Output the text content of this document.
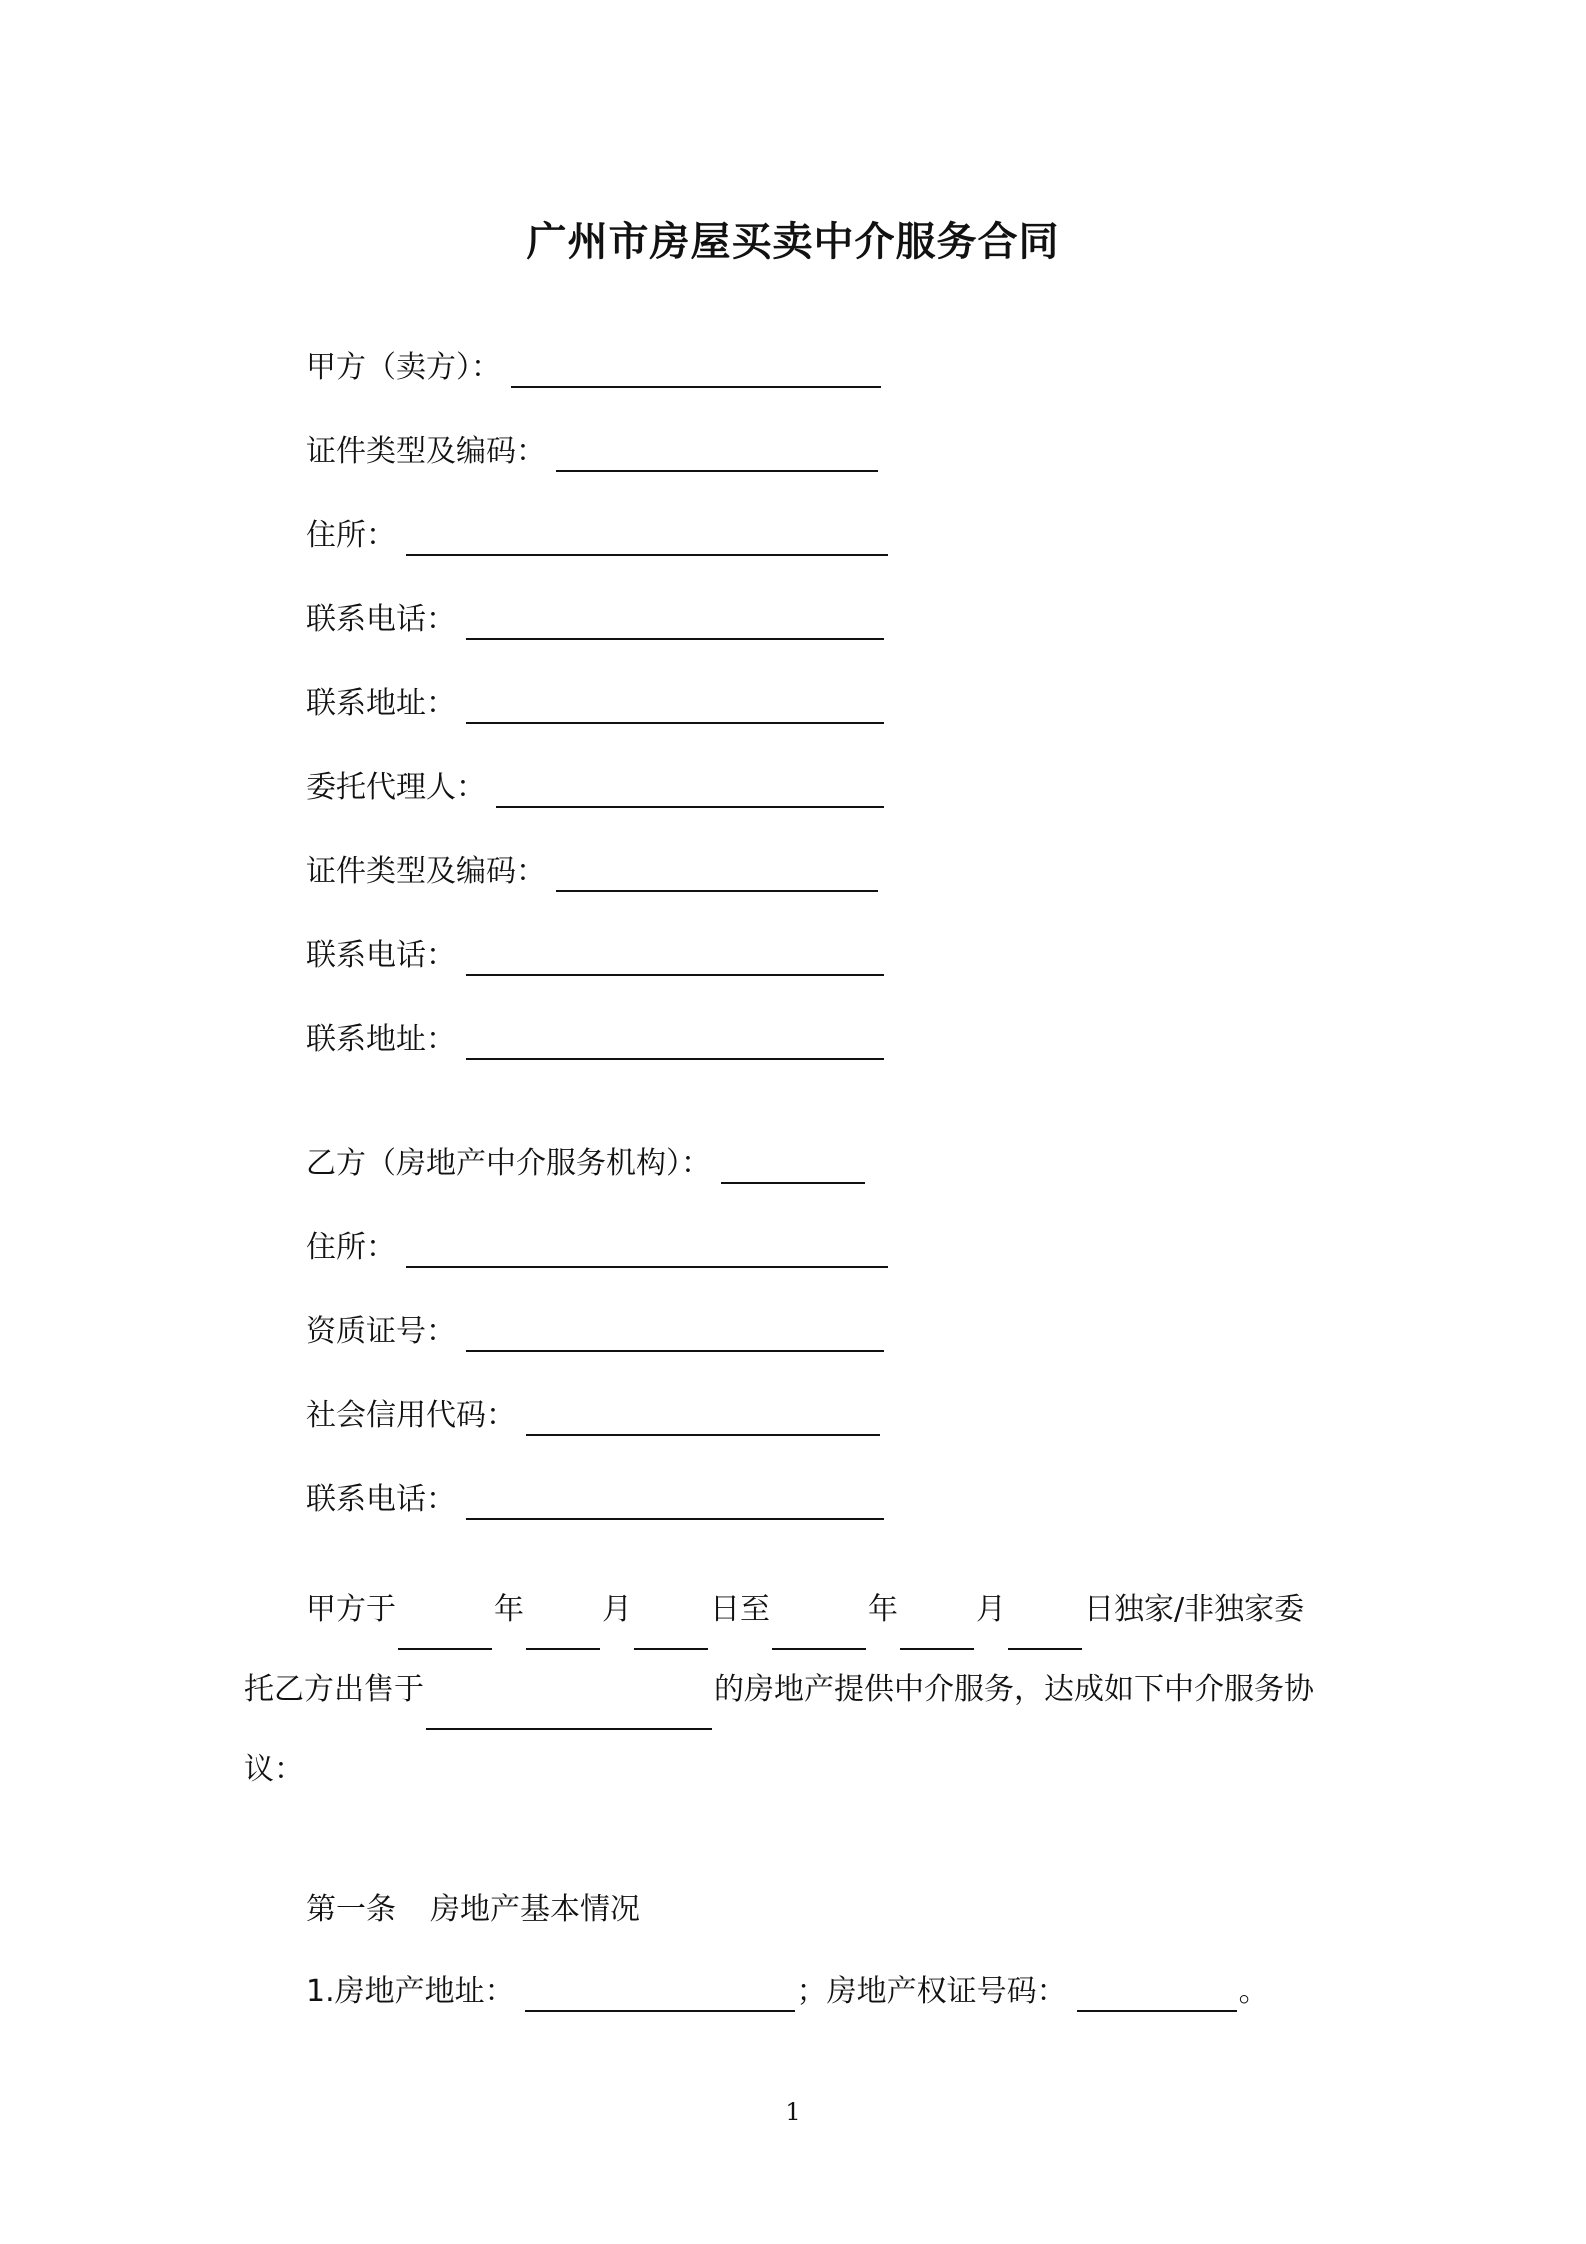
广州市房屋买卖中介服务合同
甲方（卖方）：
证件类型及编码：
住所：
联系电话：
联系地址：
委托代理人：
证件类型及编码：
联系电话：
联系地址：
乙方（房地产中介服务机构）：
住所：
资质证号：
社会信用代码：
联系电话：
甲方于	年	月	日至	年	月	日独家/非独家委
托乙方出售于	的房地产提供中介服务，达成如下中介服务协
议：
第一条 房地产基本情况
1.房地产地址：	；房地产权证号码：	。
1
